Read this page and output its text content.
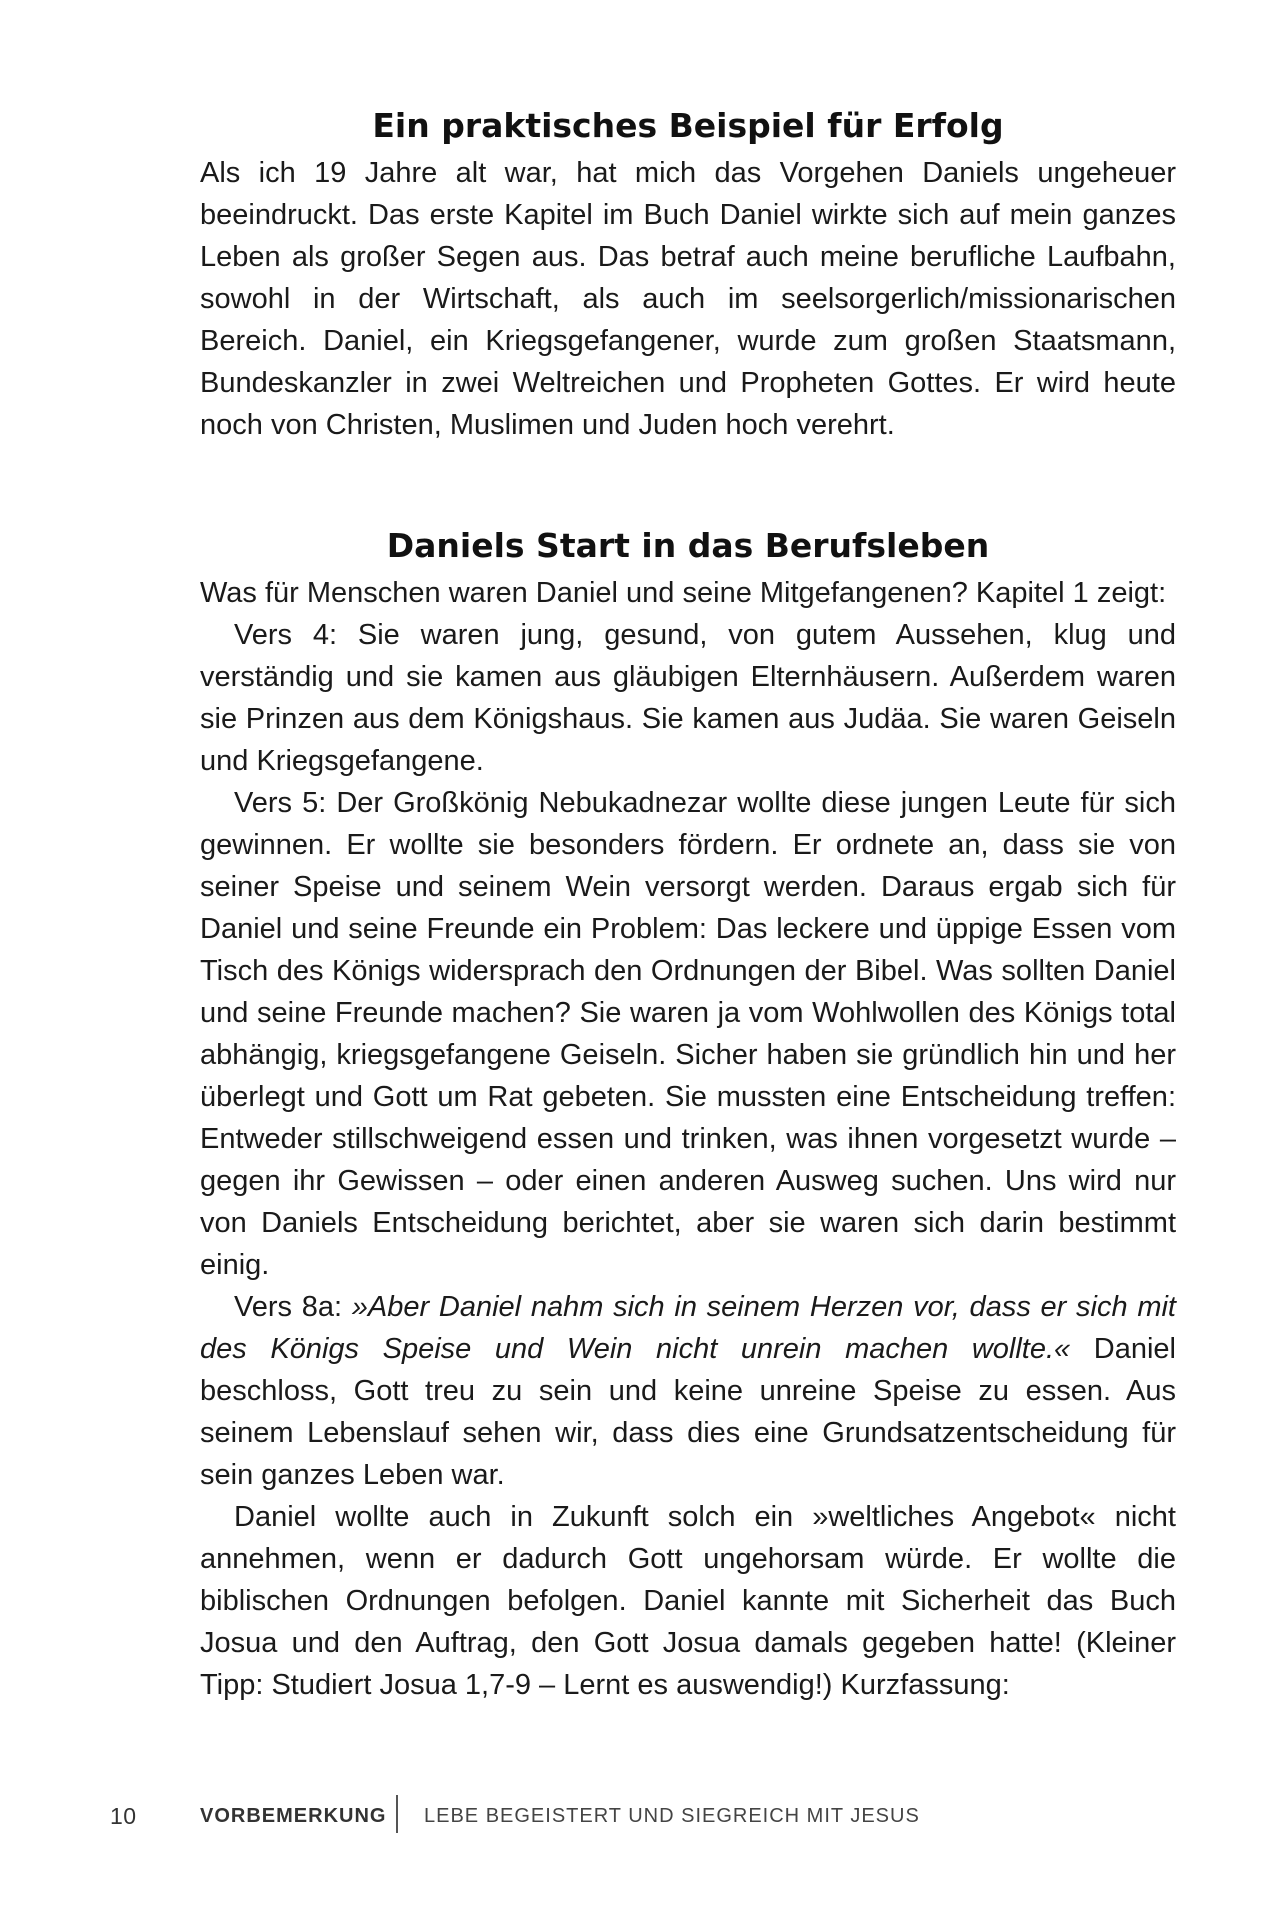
Ein praktisches Beispiel für Erfolg

Als ich 19 Jahre alt war, hat mich das Vorgehen Daniels ungeheuer beeindruckt. Das erste Kapitel im Buch Daniel wirkte sich auf mein ganzes Leben als großer Segen aus. Das betraf auch meine berufliche Laufbahn, sowohl in der Wirtschaft, als auch im seelsorgerlich/missionarischen Bereich. Daniel, ein Kriegsgefangener, wurde zum großen Staatsmann, Bundeskanzler in zwei Weltreichen und Propheten Gottes. Er wird heute noch von Christen, Muslimen und Juden hoch verehrt.

Daniels Start in das Berufsleben

Was für Menschen waren Daniel und seine Mitgefangenen? Kapitel 1 zeigt:

Vers 4: Sie waren jung, gesund, von gutem Aussehen, klug und verständig und sie kamen aus gläubigen Elternhäusern. Außerdem waren sie Prinzen aus dem Königshaus. Sie kamen aus Judäa. Sie waren Geiseln und Kriegsgefangene.

Vers 5: Der Großkönig Nebukadnezar wollte diese jungen Leute für sich gewinnen. Er wollte sie besonders fördern. Er ordnete an, dass sie von seiner Speise und seinem Wein versorgt werden. Daraus ergab sich für Daniel und seine Freunde ein Problem: Das leckere und üppige Essen vom Tisch des Königs widersprach den Ordnungen der Bibel. Was sollten Daniel und seine Freunde machen? Sie waren ja vom Wohlwollen des Königs total abhängig, kriegsgefangene Geiseln. Sicher haben sie gründlich hin und her überlegt und Gott um Rat gebeten. Sie mussten eine Entscheidung treffen: Entweder stillschweigend essen und trinken, was ihnen vorgesetzt wurde – gegen ihr Gewissen – oder einen anderen Ausweg suchen. Uns wird nur von Daniels Entscheidung berichtet, aber sie waren sich darin bestimmt einig.

Vers 8a: »Aber Daniel nahm sich in seinem Herzen vor, dass er sich mit des Königs Speise und Wein nicht unrein machen wollte.« Daniel beschloss, Gott treu zu sein und keine unreine Speise zu essen. Aus seinem Lebenslauf sehen wir, dass dies eine Grundsatzentscheidung für sein ganzes Leben war.

Daniel wollte auch in Zukunft solch ein »weltliches Angebot« nicht annehmen, wenn er dadurch Gott ungehorsam würde. Er wollte die biblischen Ordnungen befolgen. Daniel kannte mit Sicherheit das Buch Josua und den Auftrag, den Gott Josua damals gegeben hatte! (Kleiner Tipp: Studiert Josua 1,7-9 – Lernt es auswendig!) Kurzfassung:

10	VORBEMERKUNG LEBE BEGEISTERT UND SIEGREICH MIT JESUS
